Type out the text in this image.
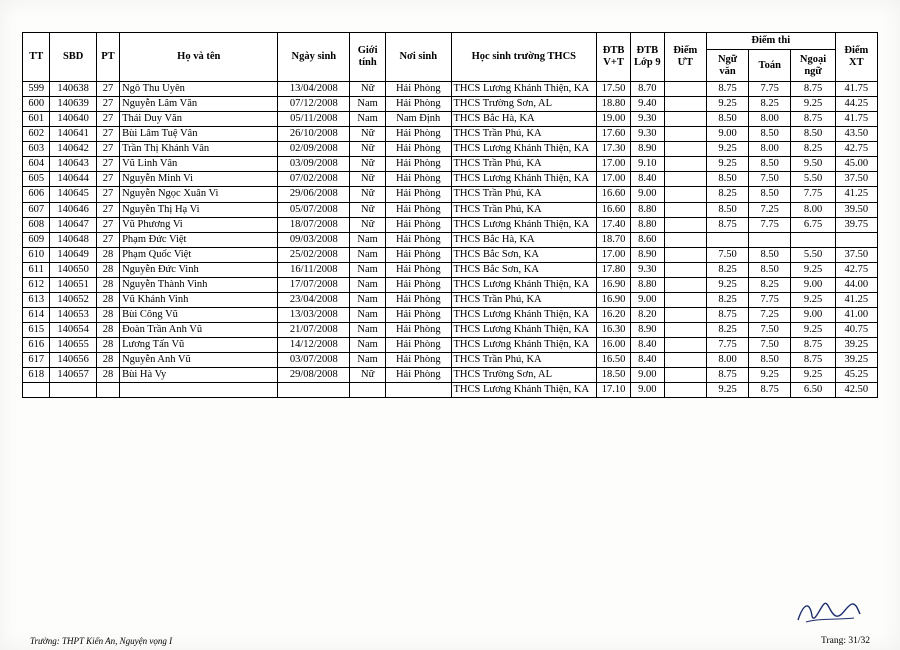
TT	SBD	PT	Họ và tên	Ngày sinh	Giới tính	Nơi sinh	Học sinh trường THCS	ĐTB V+T	ĐTB Lớp 9	Điểm ƯT	Điểm thi			Điểm XT
											Ngữ văn	Toán	Ngoại ngữ	
599	140638	27	Ngô Thu Uyên	13/04/2008	Nữ	Hải Phòng	THCS Lương Khánh Thiện, KA	17.50	8.70		8.75	7.75	8.75	41.75
600	140639	27	Nguyễn Lâm Văn	07/12/2008	Nam	Hải Phòng	THCS Trường Sơn, AL	18.80	9.40		9.25	8.25	9.25	44.25
601	140640	27	Thái Duy Văn	05/11/2008	Nam	Nam Định	THCS Bắc Hà, KA	19.00	9.30		8.50	8.00	8.75	41.75
602	140641	27	Bùi Lâm Tuệ Vân	26/10/2008	Nữ	Hải Phòng	THCS Trần Phú, KA	17.60	9.30		9.00	8.50	8.50	43.50
603	140642	27	Trần Thị Khánh Vân	02/09/2008	Nữ	Hải Phòng	THCS Lương Khánh Thiện, KA	17.30	8.90		9.25	8.00	8.25	42.75
604	140643	27	Vũ Linh Vân	03/09/2008	Nữ	Hải Phòng	THCS Trần Phú, KA	17.00	9.10		9.25	8.50	9.50	45.00
605	140644	27	Nguyễn Minh Vi	07/02/2008	Nữ	Hải Phòng	THCS Lương Khánh Thiện, KA	17.00	8.40		8.50	7.50	5.50	37.50
606	140645	27	Nguyễn Ngọc Xuân Vi	29/06/2008	Nữ	Hải Phòng	THCS Trần Phú, KA	16.60	9.00		8.25	8.50	7.75	41.25
607	140646	27	Nguyễn Thị Hạ Vi	05/07/2008	Nữ	Hải Phòng	THCS Trần Phú, KA	16.60	8.80		8.50	7.25	8.00	39.50
608	140647	27	Vũ Phương Vi	18/07/2008	Nữ	Hải Phòng	THCS Lương Khánh Thiện, KA	17.40	8.80		8.75	7.75	6.75	39.75
609	140648	27	Phạm Đức Việt	09/03/2008	Nam	Hải Phòng	THCS Bắc Hà, KA	18.70	8.60					
610	140649	28	Phạm Quốc Việt	25/02/2008	Nam	Hải Phòng	THCS Bắc Sơn, KA	17.00	8.90		7.50	8.50	5.50	37.50
611	140650	28	Nguyễn Đức Vinh	16/11/2008	Nam	Hải Phòng	THCS Bắc Sơn, KA	17.80	9.30		8.25	8.50	9.25	42.75
612	140651	28	Nguyễn Thành Vinh	17/07/2008	Nam	Hải Phòng	THCS Lương Khánh Thiện, KA	16.90	8.80		9.25	8.25	9.00	44.00
613	140652	28	Vũ Khánh Vinh	23/04/2008	Nam	Hải Phòng	THCS Trần Phú, KA	16.90	9.00		8.25	7.75	9.25	41.25
614	140653	28	Bùi Công Vũ	13/03/2008	Nam	Hải Phòng	THCS Lương Khánh Thiện, KA	16.20	8.20		8.75	7.25	9.00	41.00
615	140654	28	Đoàn Trần Anh Vũ	21/07/2008	Nam	Hải Phòng	THCS Lương Khánh Thiện, KA	16.30	8.90		8.25	7.50	9.25	40.75
616	140655	28	Lương Tấn Vũ	14/12/2008	Nam	Hải Phòng	THCS Lương Khánh Thiện, KA	16.00	8.40		7.75	7.50	8.75	39.25
617	140656	28	Nguyễn Anh Vũ	03/07/2008	Nam	Hải Phòng	THCS Trần Phú, KA	16.50	8.40		8.00	8.50	8.75	39.25
618	140657	28	Bùi Hà Vy	29/08/2008	Nữ	Hải Phòng	THCS Trường Sơn, AL	18.50	9.00		8.75	9.25	9.25	45.25
							THCS Lương Khánh Thiện, KA	17.10	9.00		9.25	8.75	6.50	42.50
Trường: THPT Kiến An, Nguyện vọng I	Trang: 31/32
